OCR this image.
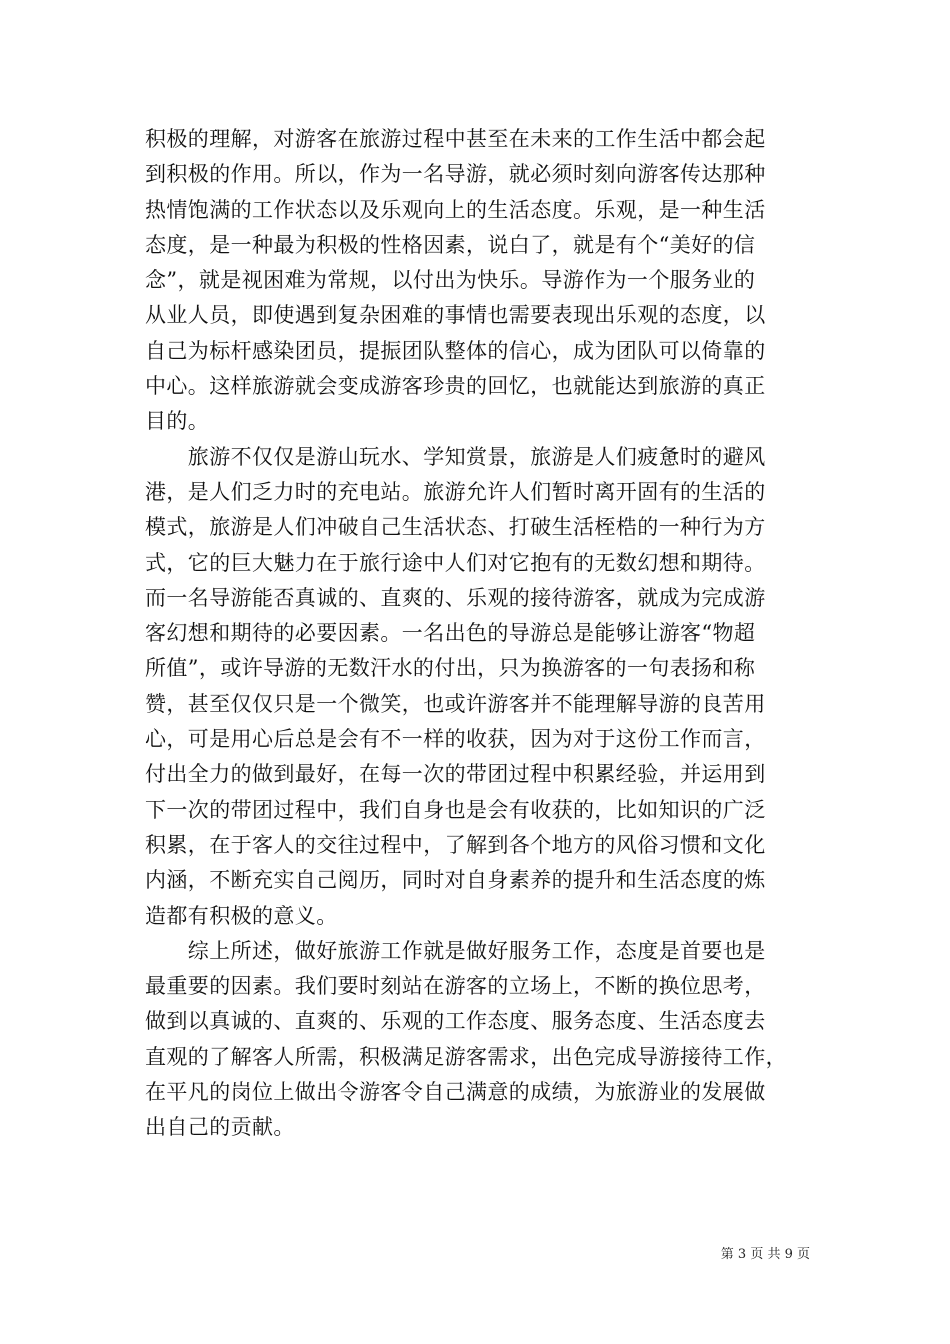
积极的理解，对游客在旅游过程中甚至在未来的工作生活中都会起
到积极的作用。所以，作为一名导游，就必须时刻向游客传达那种
热情饱满的工作状态以及乐观向上的生活态度。乐观，是一种生活
态度，是一种最为积极的性格因素，说白了，就是有个“美好的信
念”，就是视困难为常规，以付出为快乐。导游作为一个服务业的
从业人员，即使遇到复杂困难的事情也需要表现出乐观的态度，以
自己为标杆感染团员，提振团队整体的信心，成为团队可以倚靠的
中心。这样旅游就会变成游客珍贵的回忆，也就能达到旅游的真正
目的。
　　旅游不仅仅是游山玩水、学知赏景，旅游是人们疲惫时的避风
港，是人们乏力时的充电站。旅游允许人们暂时离开固有的生活的
模式，旅游是人们冲破自己生活状态、打破生活桎梏的一种行为方
式，它的巨大魅力在于旅行途中人们对它抱有的无数幻想和期待。
而一名导游能否真诚的、直爽的、乐观的接待游客，就成为完成游
客幻想和期待的必要因素。一名出色的导游总是能够让游客“物超
所值”，或许导游的无数汗水的付出，只为换游客的一句表扬和称
赞，甚至仅仅只是一个微笑，也或许游客并不能理解导游的良苦用
心，可是用心后总是会有不一样的收获，因为对于这份工作而言，
付出全力的做到最好，在每一次的带团过程中积累经验，并运用到
下一次的带团过程中，我们自身也是会有收获的，比如知识的广泛
积累，在于客人的交往过程中，了解到各个地方的风俗习惯和文化
内涵，不断充实自己阅历，同时对自身素养的提升和生活态度的炼
造都有积极的意义。
　　综上所述，做好旅游工作就是做好服务工作，态度是首要也是
最重要的因素。我们要时刻站在游客的立场上，不断的换位思考，
做到以真诚的、直爽的、乐观的工作态度、服务态度、生活态度去
直观的了解客人所需，积极满足游客需求，出色完成导游接待工作，
在平凡的岗位上做出令游客令自己满意的成绩，为旅游业的发展做
出自己的贡献。
第 3 页 共 9 页
